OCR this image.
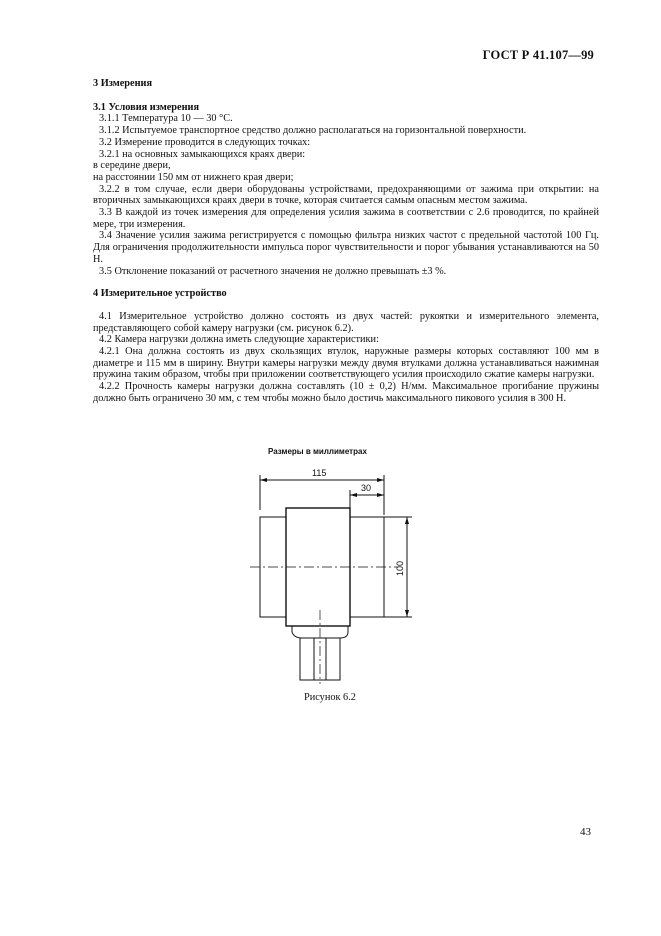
ГОСТ Р 41.107—99

3 Измерения

3.1 Условия измерения

3.1.1 Температура 10 — 30 °С.

3.1.2 Испытуемое транспортное средство должно располагаться на горизонтальной поверхности.

3.2 Измерение проводится в следующих точках:

3.2.1 на основных замыкающихся краях двери:

в середине двери,

на расстоянии 150 мм от нижнего края двери;

3.2.2 в том случае, если двери оборудованы устройствами, предохраняющими от зажима при открытии: на вторичных замыкающихся краях двери в точке, которая считается самым опасным местом зажима.

3.3 В каждой из точек измерения для определения усилия зажима в соответствии с 2.6 проводится, по крайней мере, три измерения.

3.4 Значение усилия зажима регистрируется с помощью фильтра низких частот с предельной частотой 100 Гц. Для ограничения продолжительности импульса порог чувствительности и порог убывания устанавливаются на 50 Н.

3.5 Отклонение показаний от расчетного значения не должно превышать ±3 %.

4 Измерительное устройство

4.1 Измерительное устройство должно состоять из двух частей: рукоятки и измерительного элемента, представляющего собой камеру нагрузки (см. рисунок 6.2).

4.2 Камера нагрузки должна иметь следующие характеристики:

4.2.1 Она должна состоять из двух скользящих втулок, наружные размеры которых составляют 100 мм в диаметре и 115 мм в ширину. Внутри камеры нагрузки между двумя втулками должна устанавливаться нажимная пружина таким образом, чтобы при приложении соответствующего усилия происходило сжатие камеры нагрузки.

4.2.2 Прочность камеры нагрузки должна составлять (10 ± 0,2) Н/мм. Максимальное прогибание пружины должно быть ограничено 30 мм, с тем чтобы можно было достичь максимального пикового усилия в 300 Н.

Размеры в миллиметрах
115
30
100
Рисунок 6.2
43
